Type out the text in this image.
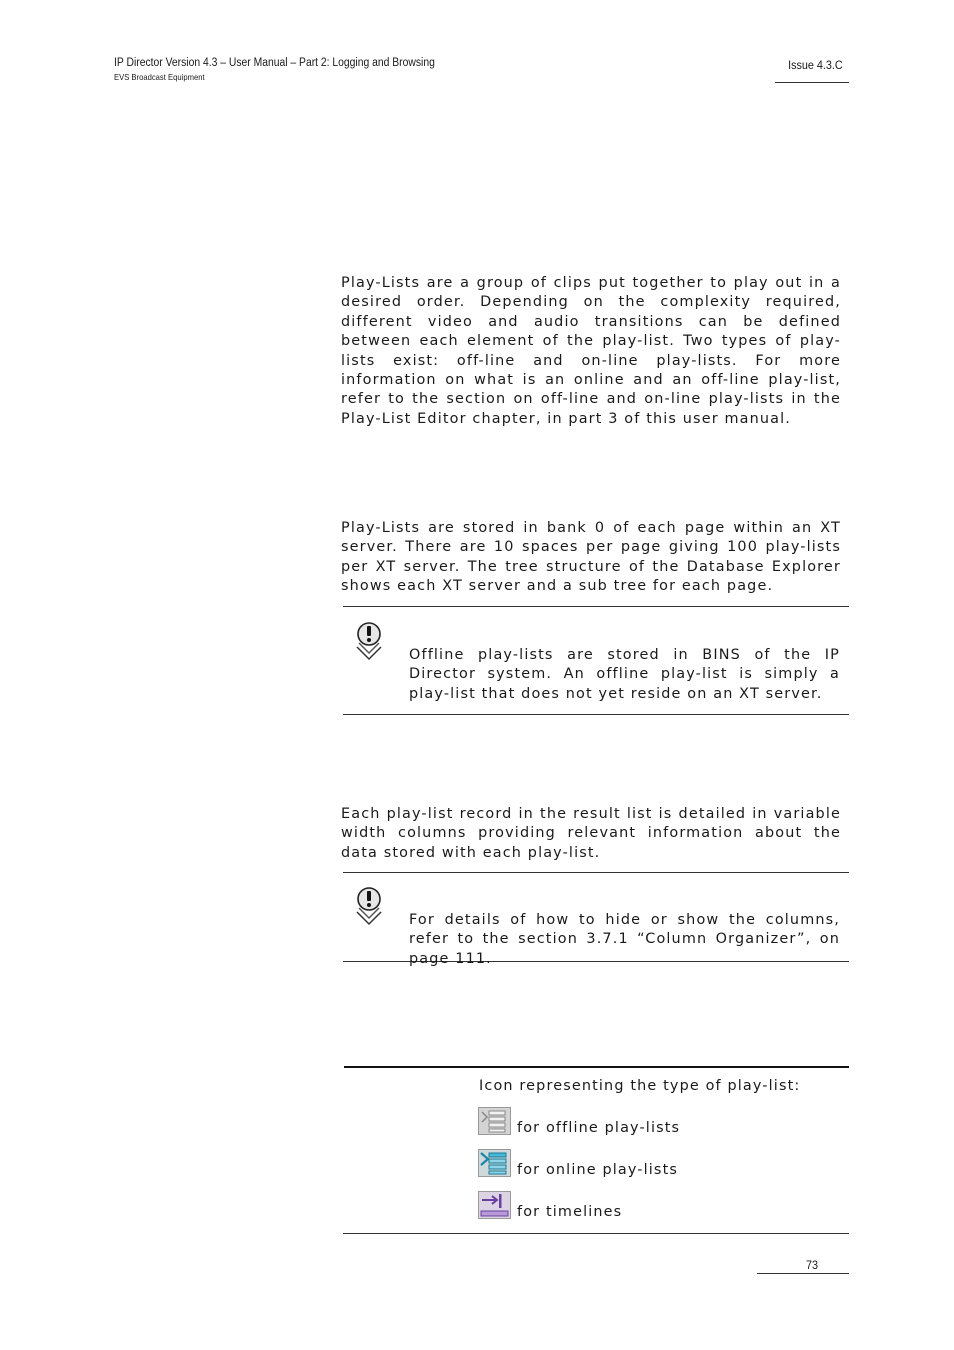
IP Director Version 4.3 – User Manual – Part 2: Logging and Browsing
EVS Broadcast Equipment
Issue 4.3.C

Play-Lists are a group of clips put together to play out in a desired order. Depending on the complexity required, different video and audio transitions can be defined between each element of the play-list. Two types of play-lists exist: off-line and on-line play-lists. For more information on what is an online and an off-line play-list, refer to the section on off-line and on-line play-lists in the Play-List Editor chapter, in part 3 of this user manual.

Play-Lists are stored in bank 0 of each page within an XT server. There are 10 spaces per page giving 100 play-lists per XT server. The tree structure of the Database Explorer shows each XT server and a sub tree for each page.

Offline play-lists are stored in BINS of the IP Director system. An offline play-list is simply a play-list that does not yet reside on an XT server.

Each play-list record in the result list is detailed in variable width columns providing relevant information about the data stored with each play-list.

For details of how to hide or show the columns, refer to the section 3.7.1 “Column Organizer”, on page 111.

Icon representing the type of play-list:
for offline play-lists
for online play-lists
for timelines
73
